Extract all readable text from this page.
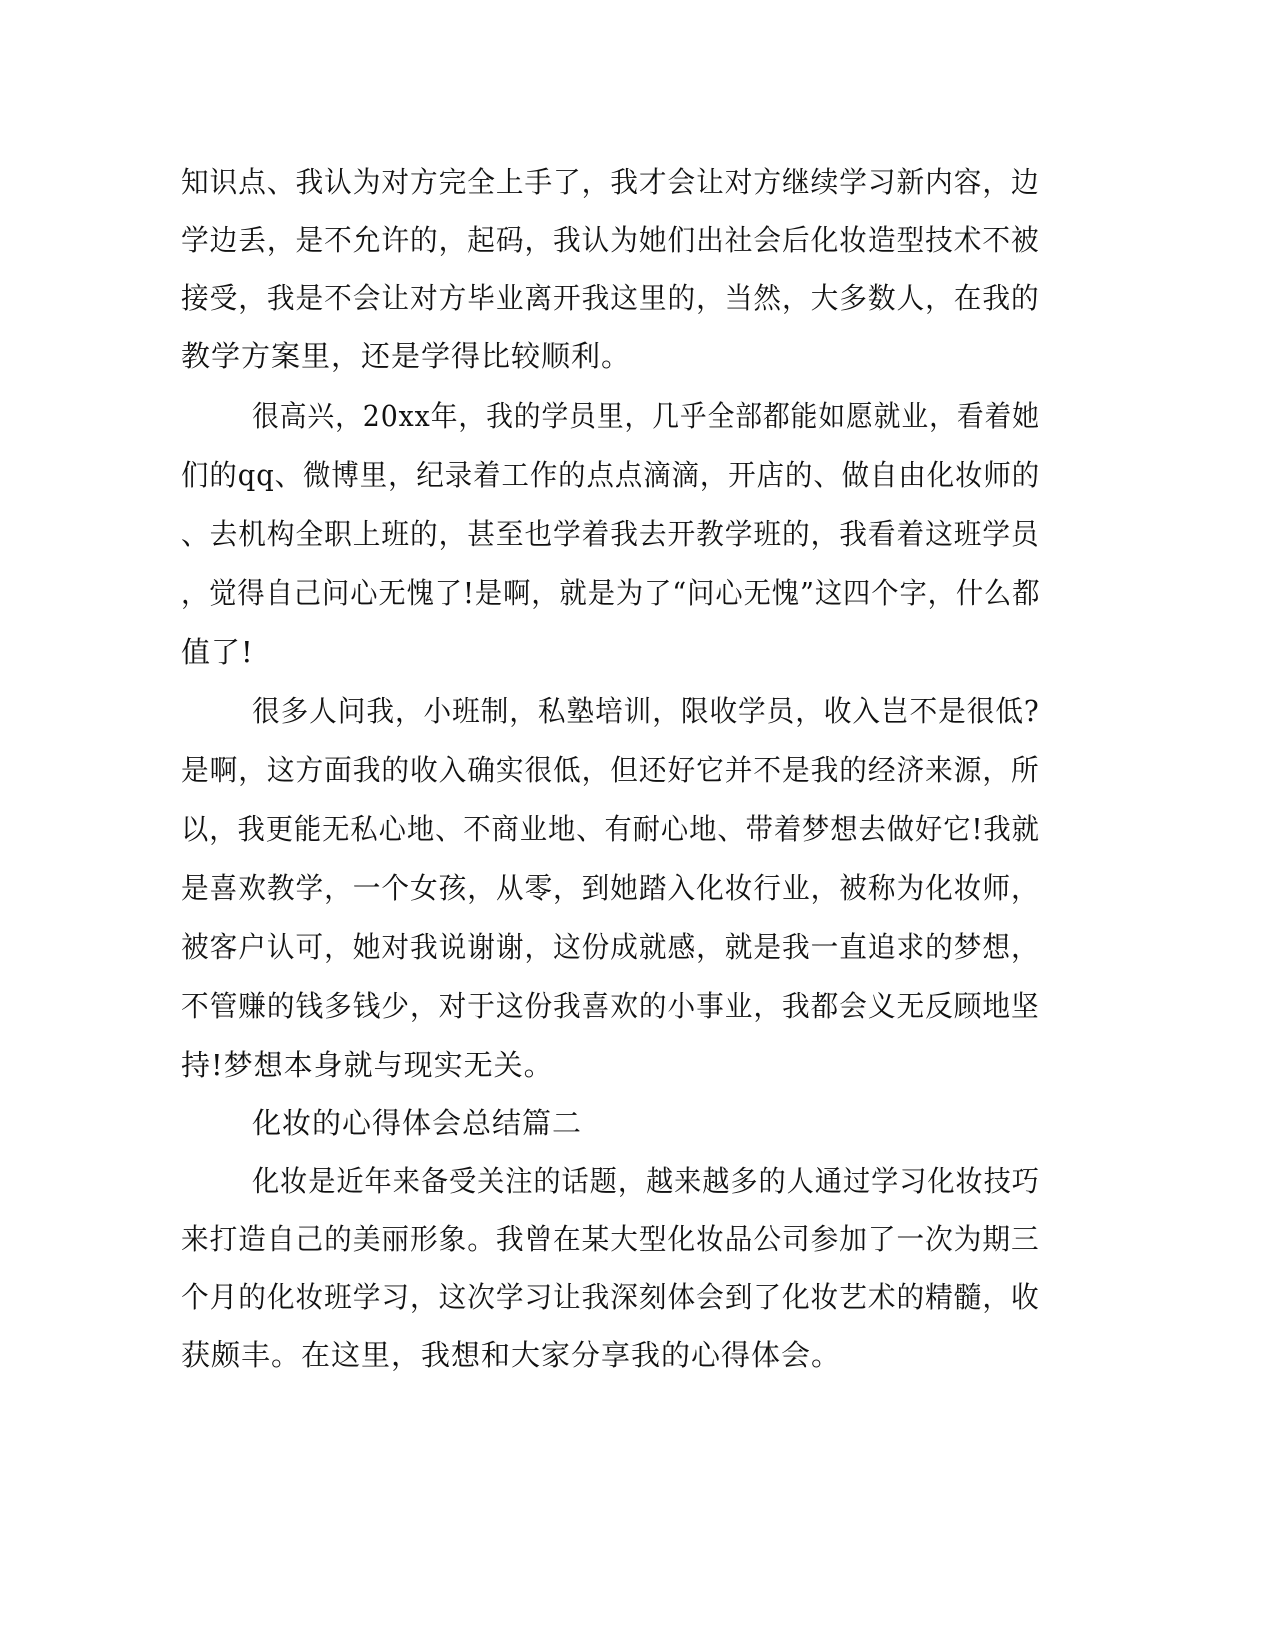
知识点、我认为对方完全上手了，我才会让对方继续学习新内容，边
学边丢，是不允许的，起码，我认为她们出社会后化妆造型技术不被
接受，我是不会让对方毕业离开我这里的，当然，大多数人，在我的
教学方案里，还是学得比较顺利。
很高兴，20xx年，我的学员里，几乎全部都能如愿就业，看着她
们的qq、微博里，纪录着工作的点点滴滴，开店的、做自由化妆师的
、去机构全职上班的，甚至也学着我去开教学班的，我看着这班学员
，觉得自己问心无愧了!是啊，就是为了“问心无愧”这四个字，什么都
值了!
很多人问我，小班制，私塾培训，限收学员，收入岂不是很低?
是啊，这方面我的收入确实很低，但还好它并不是我的经济来源，所
以，我更能无私心地、不商业地、有耐心地、带着梦想去做好它!我就
是喜欢教学，一个女孩，从零，到她踏入化妆行业，被称为化妆师，
被客户认可，她对我说谢谢，这份成就感，就是我一直追求的梦想，
不管赚的钱多钱少，对于这份我喜欢的小事业，我都会义无反顾地坚
持!梦想本身就与现实无关。
化妆的心得体会总结篇二
化妆是近年来备受关注的话题，越来越多的人通过学习化妆技巧
来打造自己的美丽形象。我曾在某大型化妆品公司参加了一次为期三
个月的化妆班学习，这次学习让我深刻体会到了化妆艺术的精髓，收
获颇丰。在这里，我想和大家分享我的心得体会。
